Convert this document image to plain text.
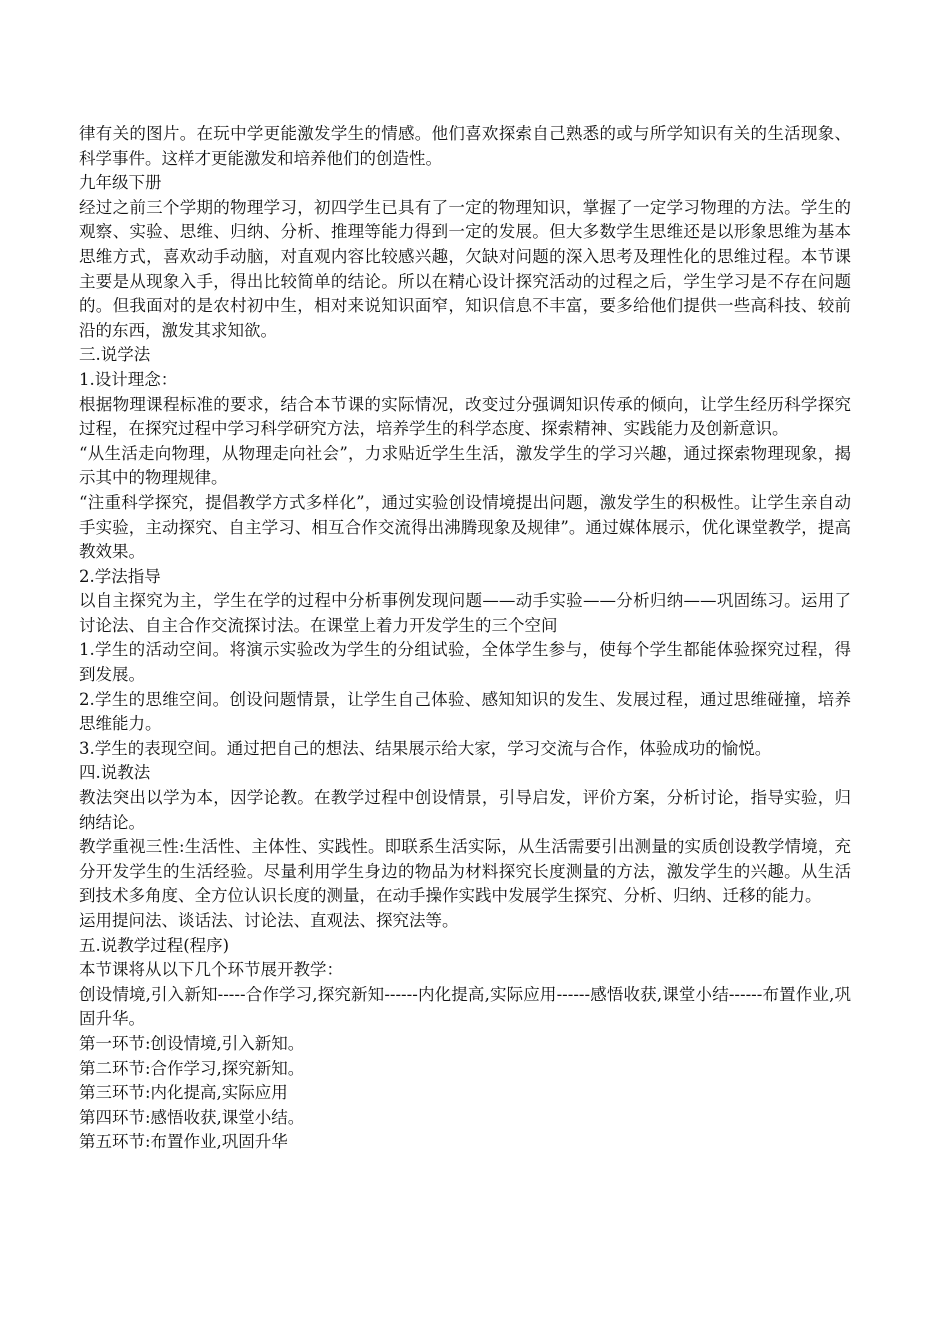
律有关的图片。在玩中学更能激发学生的情感。他们喜欢探索自己熟悉的或与所学知识有关的生活现象、科学事件。这样才更能激发和培养他们的创造性。

九年级下册

经过之前三个学期的物理学习，初四学生已具有了一定的物理知识，掌握了一定学习物理的方法。学生的观察、实验、思维、归纳、分析、推理等能力得到一定的发展。但大多数学生思维还是以形象思维为基本思维方式，喜欢动手动脑，对直观内容比较感兴趣，欠缺对问题的深入思考及理性化的思维过程。本节课主要是从现象入手，得出比较简单的结论。所以在精心设计探究活动的过程之后，学生学习是不存在问题的。但我面对的是农村初中生，相对来说知识面窄，知识信息不丰富，要多给他们提供一些高科技、较前沿的东西，激发其求知欲。

三.说学法

1.设计理念：

根据物理课程标准的要求，结合本节课的实际情况，改变过分强调知识传承的倾向，让学生经历科学探究过程，在探究过程中学习科学研究方法，培养学生的科学态度、探索精神、实践能力及创新意识。

“从生活走向物理，从物理走向社会”，力求贴近学生生活，激发学生的学习兴趣，通过探索物理现象，揭示其中的物理规律。

“注重科学探究，提倡教学方式多样化”，通过实验创设情境提出问题，激发学生的积极性。让学生亲自动手实验，主动探究、自主学习、相互合作交流得出沸腾现象及规律”。通过媒体展示，优化课堂教学，提高教效果。

2.学法指导

以自主探究为主，学生在学的过程中分析事例发现问题——动手实验——分析归纳——巩固练习。运用了讨论法、自主合作交流探讨法。在课堂上着力开发学生的三个空间

1.学生的活动空间。将演示实验改为学生的分组试验，全体学生参与，使每个学生都能体验探究过程，得到发展。

2.学生的思维空间。创设问题情景，让学生自己体验、感知知识的发生、发展过程，通过思维碰撞，培养思维能力。

3.学生的表现空间。通过把自己的想法、结果展示给大家，学习交流与合作，体验成功的愉悦。

四.说教法

教法突出以学为本，因学论教。在教学过程中创设情景，引导启发，评价方案，分析讨论，指导实验，归纳结论。

教学重视三性:生活性、主体性、实践性。即联系生活实际，从生活需要引出测量的实质创设教学情境，充分开发学生的生活经验。尽量利用学生身边的物品为材料探究长度测量的方法，激发学生的兴趣。从生活到技术多角度、全方位认识长度的测量，在动手操作实践中发展学生探究、分析、归纳、迁移的能力。

运用提问法、谈话法、讨论法、直观法、探究法等。

五.说教学过程(程序)

本节课将从以下几个环节展开教学：

创设情境,引入新知-----合作学习,探究新知------内化提高,实际应用------感悟收获,课堂小结------布置作业,巩固升华。

第一环节:创设情境,引入新知。

第二环节:合作学习,探究新知。

第三环节:内化提高,实际应用

第四环节:感悟收获,课堂小结。

第五环节:布置作业,巩固升华
